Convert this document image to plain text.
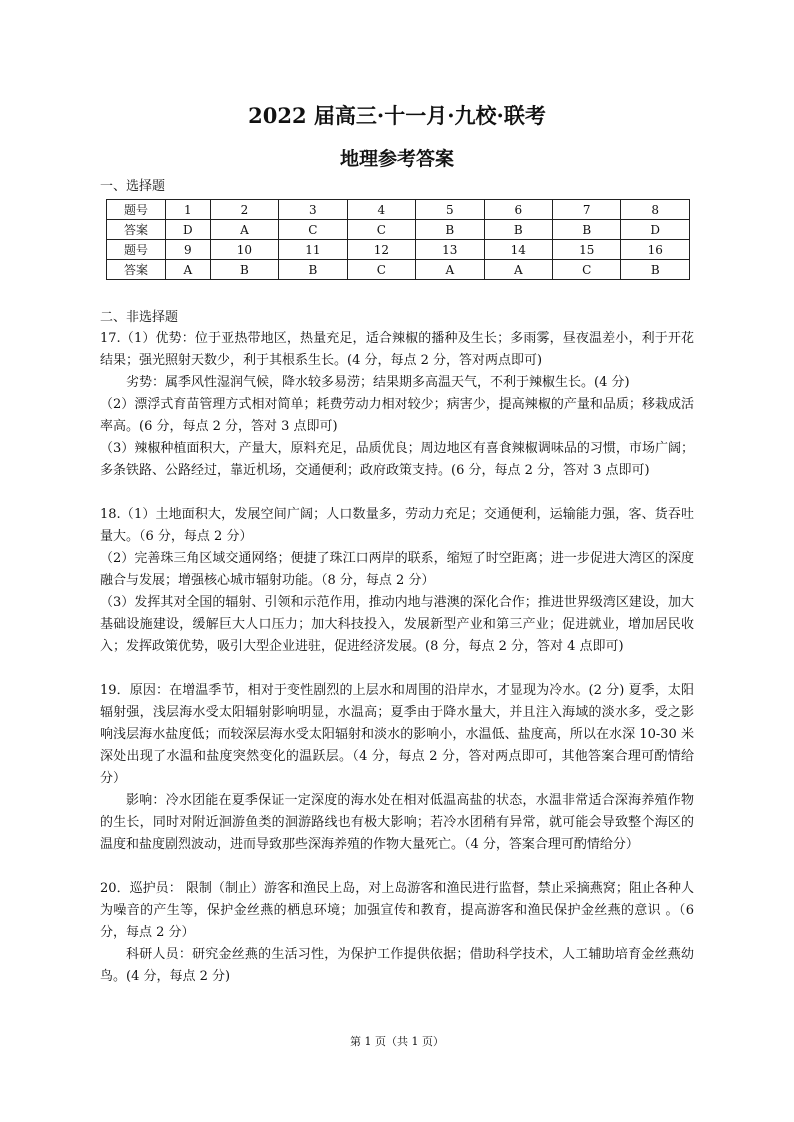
2022 届高三·十一月·九校·联考
地理参考答案
一、选择题
题号	1	2	3	4	5	6	7	8
答案	D	A	C	C	B	B	B	D
题号	9	10	11	12	13	14	15	16
答案	A	B	B	C	A	A	C	B
二、非选择题

17.（1）优势：位于亚热带地区，热量充足，适合辣椒的播种及生长；多雨雾，昼夜温差小，利于开花结果；强光照射天数少，利于其根系生长。(4 分，每点 2 分，答对两点即可)

劣势：属季风性湿润气候，降水较多易涝；结果期多高温天气，不利于辣椒生长。(4 分)

（2）漂浮式育苗管理方式相对简单；耗费劳动力相对较少；病害少，提高辣椒的产量和品质；移栽成活率高。(6 分，每点 2 分，答对 3 点即可)

（3）辣椒种植面积大，产量大，原料充足，品质优良；周边地区有喜食辣椒调味品的习惯，市场广阔；多条铁路、公路经过，靠近机场，交通便利；政府政策支持。(6 分，每点 2 分，答对 3 点即可)

18.（1）土地面积大，发展空间广阔；人口数量多，劳动力充足；交通便利，运输能力强，客、货吞吐量大。（6 分，每点 2 分）

（2）完善珠三角区域交通网络；便捷了珠江口两岸的联系，缩短了时空距离；进一步促进大湾区的深度融合与发展；增强核心城市辐射功能。（8 分，每点 2 分）

（3）发挥其对全国的辐射、引领和示范作用，推动内地与港澳的深化合作；推进世界级湾区建设，加大基础设施建设，缓解巨大人口压力；加大科技投入，发展新型产业和第三产业；促进就业，增加居民收入；发挥政策优势，吸引大型企业进驻，促进经济发展。(8 分，每点 2 分，答对 4 点即可)

19．原因：在增温季节，相对于变性剧烈的上层水和周围的沿岸水，才显现为冷水。(2 分) 夏季，太阳辐射强，浅层海水受太阳辐射影响明显，水温高；夏季由于降水量大，并且注入海域的淡水多，受之影响浅层海水盐度低；而较深层海水受太阳辐射和淡水的影响小，水温低、盐度高，所以在水深 10-30 米深处出现了水温和盐度突然变化的温跃层。（4 分，每点 2 分，答对两点即可，其他答案合理可酌情给分）

影响：冷水团能在夏季保证一定深度的海水处在相对低温高盐的状态，水温非常适合深海养殖作物的生长，同时对附近洄游鱼类的洄游路线也有极大影响；若冷水团稍有异常，就可能会导致整个海区的温度和盐度剧烈波动，进而导致那些深海养殖的作物大量死亡。（4 分，答案合理可酌情给分）

20．巡护员： 限制（制止）游客和渔民上岛，对上岛游客和渔民进行监督，禁止采摘燕窝；阻止各种人为噪音的产生等，保护金丝燕的栖息环境；加强宣传和教育，提高游客和渔民保护金丝燕的意识 。（6 分，每点 2 分）

科研人员：研究金丝燕的生活习性，为保护工作提供依据；借助科学技术，人工辅助培育金丝燕幼鸟。(4 分，每点 2 分)

第 1 页（共 1 页）
